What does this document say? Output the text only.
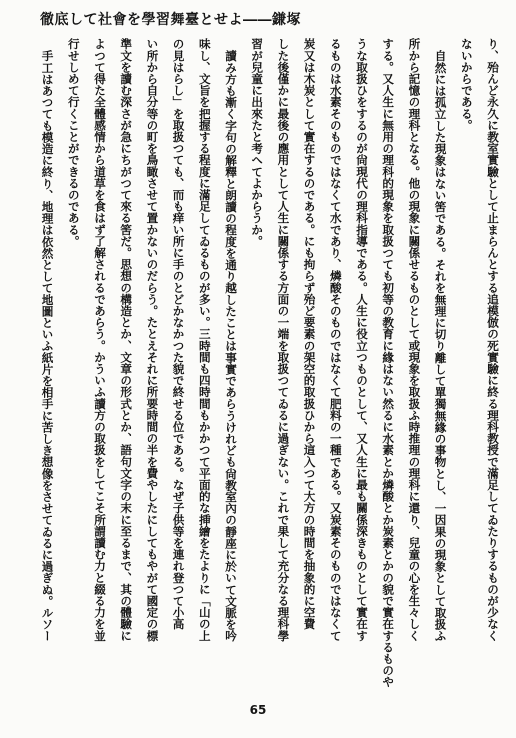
徹底して社會を學習舞臺とせよ――鎌塚
り、殆んど永久に教室實驗として止まらんとする追模倣の死實驗に終る理科教授で滿足してゐたりするものが少なく
ないからである。
自然には孤立した現象はない筈である。それを無理に切り離して單獨無緣の事物とし、一因果の現象として取扱ふ
所から記憶の理科となる。他の現象に關係せるものとして或現象を取扱ふ時推理の理科に還り、兒童の心を生々しく
する。又人生に無用の理科的現象を取扱つても初等の教育に緣はない然るに水素とか燐酸とか炭素とかの貌で實在するものや
うな取扱ひをするのが尙現代の理科指導である。人生に役立つものとして、又人生に最も關係深きものとして實在す
るものは水素そのものではなくて水であり、燐酸そのものではなくて肥料の一種である。又炭素そのものではなくて
炭又は木炭として實在するのである。にも拘らず殆ど要素の架空的取扱ひから這入つて大方の時間を抽象的に空費
した後僅かに最後の應用として人生に關係する方面の一端を取扱つてゐるに過ぎない。これで果して充分なる理科學
習が兒童に出來たと考へてよからうか。
讀み方も漸く字句の解釋と朗讀の程度を通り越したことは事實であらうけれども尙教室內の靜座に於いて文脈を吟
味し、文旨を把握する程度に滿足してゐるものが多い。三時間も四時間もかかつて平面的な挿繪をたよりに「山の上
の見はらし」を取扱つても、而も痒い所に手のとどかなかつた貌で終せる位である。なぜ子供等を連れ登つて小高
い所から自分等の町を鳥瞰させて置かないのだらう。たとえそれに所要時間の半を費やしたにしてもやがて國定の標
準文を讀む深さが急にちがつて來る筈だ。思想の構造とか、文章の形式とか、語句文字の末に至るまで、其の體驗に
よつて得た全體感情から道草を食はず了解されるであらう。かういふ讀方の取扱をしてこそ所謂讀む力と綴る力を並
行せしめて行くことができるのである。
手工はあつても模造に終り、地理は依然として地圖といふ紙片を相手に苦しき想像をさせてゐるに過ぎぬ。ルソー
65
